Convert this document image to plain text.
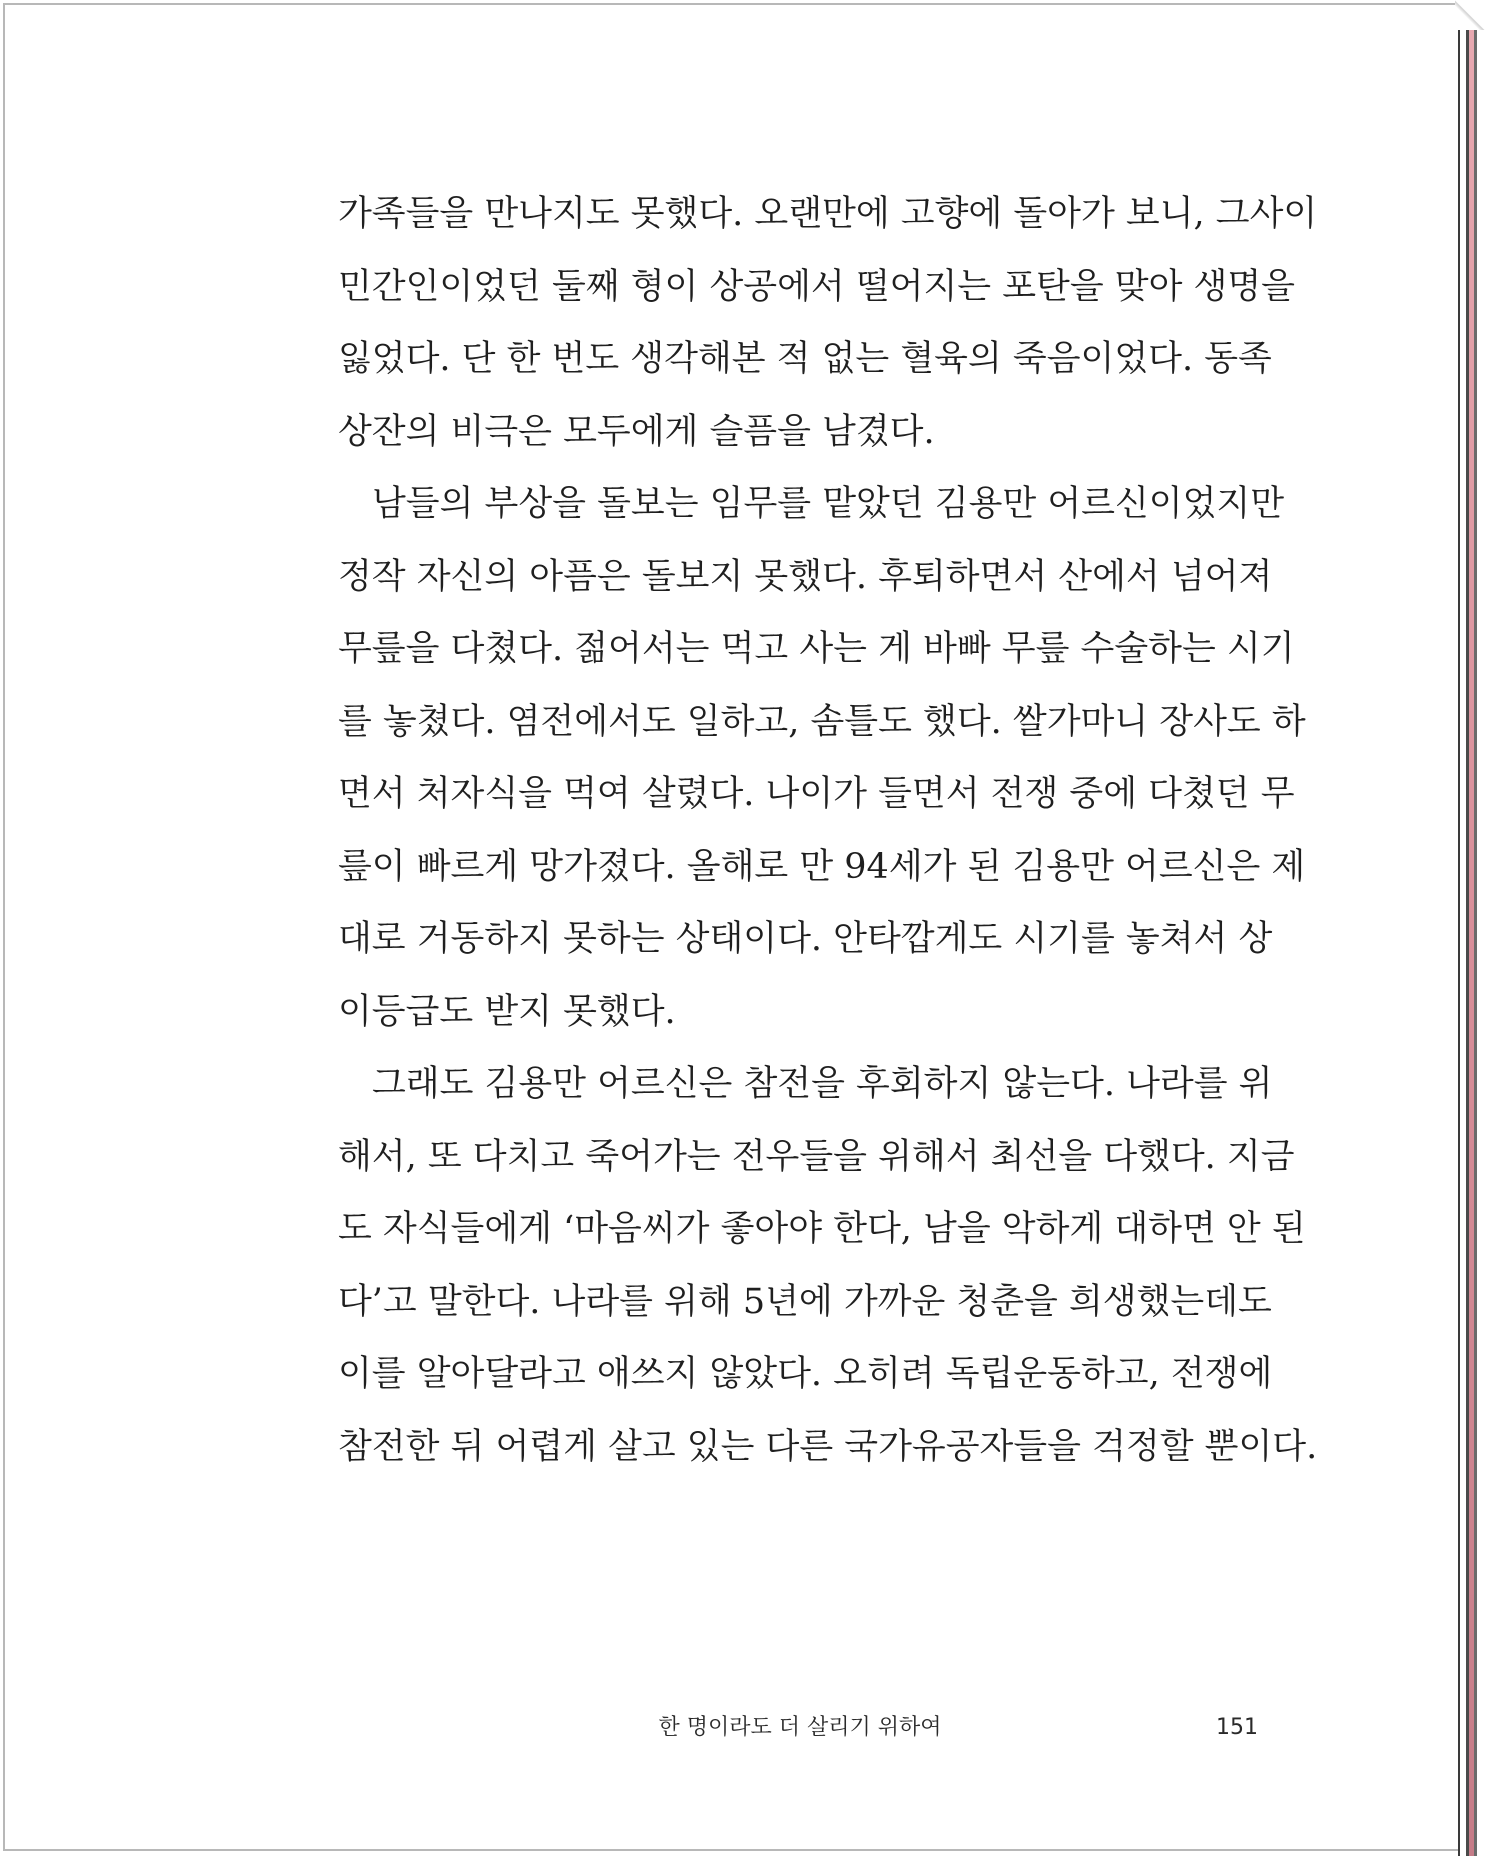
가족들을 만나지도 못했다. 오랜만에 고향에 돌아가 보니, 그사이
민간인이었던 둘째 형이 상공에서 떨어지는 포탄을 맞아 생명을
잃었다. 단 한 번도 생각해본 적 없는 혈육의 죽음이었다. 동족
상잔의 비극은 모두에게 슬픔을 남겼다.
남들의 부상을 돌보는 임무를 맡았던 김용만 어르신이었지만
정작 자신의 아픔은 돌보지 못했다. 후퇴하면서 산에서 넘어져
무릎을 다쳤다. 젊어서는 먹고 사는 게 바빠 무릎 수술하는 시기
를 놓쳤다. 염전에서도 일하고, 솜틀도 했다. 쌀가마니 장사도 하
면서 처자식을 먹여 살렸다. 나이가 들면서 전쟁 중에 다쳤던 무
릎이 빠르게 망가졌다. 올해로 만 94세가 된 김용만 어르신은 제
대로 거동하지 못하는 상태이다. 안타깝게도 시기를 놓쳐서 상
이등급도 받지 못했다.
그래도 김용만 어르신은 참전을 후회하지 않는다. 나라를 위
해서, 또 다치고 죽어가는 전우들을 위해서 최선을 다했다. 지금
도 자식들에게 ‘마음씨가 좋아야 한다, 남을 악하게 대하면 안 된
다’고 말한다. 나라를 위해 5년에 가까운 청춘을 희생했는데도
이를 알아달라고 애쓰지 않았다. 오히려 독립운동하고, 전쟁에
참전한 뒤 어렵게 살고 있는 다른 국가유공자들을 걱정할 뿐이다.
한 명이라도 더 살리기 위하여	151
